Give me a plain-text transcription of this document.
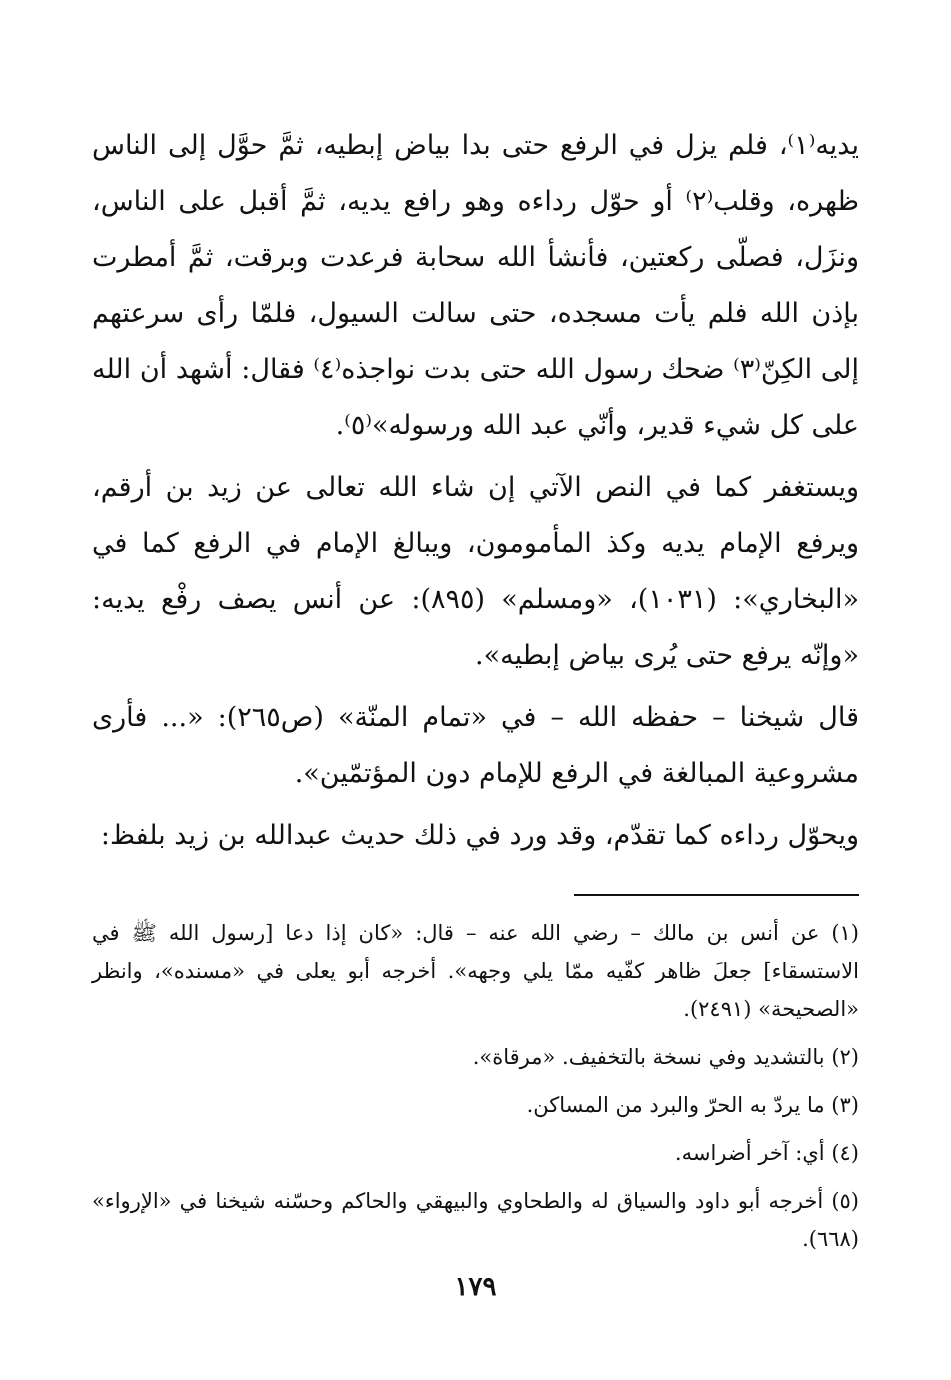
يديه⁽١⁾، فلم يزل في الرفع حتى بدا بياض إبطيه، ثمَّ حوَّل إلى الناس ظهره، وقلب⁽٢⁾ أو حوّل رداءه وهو رافع يديه، ثمَّ أقبل على الناس، ونزَل، فصلّى ركعتين، فأنشأ الله سحابة فرعدت وبرقت، ثمَّ أمطرت بإذن الله فلم يأت مسجده، حتى سالت السيول، فلمّا رأى سرعتهم إلى الكِنّ⁽٣⁾ ضحك رسول الله حتى بدت نواجذه⁽٤⁾ فقال: أشهد أن الله على كل شيء قدير، وأنّي عبد الله ورسوله»⁽٥⁾.

ويستغفر كما في النص الآتي إن شاء الله تعالى عن زيد بن أرقم، ويرفع الإمام يديه وكذ المأمومون، ويبالغ الإمام في الرفع كما في «البخاري»: (١٠٣١)، «ومسلم» (٨٩٥): عن أنس يصف رفْع يديه: «وإنّه يرفع حتى يُرى بياض إبطيه».

قال شيخنا – حفظه الله – في «تمام المنّة» (ص٢٦٥): «... فأرى مشروعية المبالغة في الرفع للإمام دون المؤتمّين».

ويحوّل رداءه كما تقدّم، وقد ورد في ذلك حديث عبدالله بن زيد بلفظ:

(١) عن أنس بن مالك – رضي الله عنه – قال: «كان إذا دعا [رسول الله ﷺ في الاستسقاء] جعلَ ظاهر كفّيه ممّا يلي وجهه». أخرجه أبو يعلى في «مسنده»، وانظر «الصحيحة» (٢٤٩١).

(٢) بالتشديد وفي نسخة بالتخفيف. «مرقاة».

(٣) ما يردّ به الحرّ والبرد من المساكن.

(٤) أي: آخر أضراسه.

(٥) أخرجه أبو داود والسياق له والطحاوي والبيهقي والحاكم وحسّنه شيخنا في «الإرواء» (٦٦٨).

١٧٩
